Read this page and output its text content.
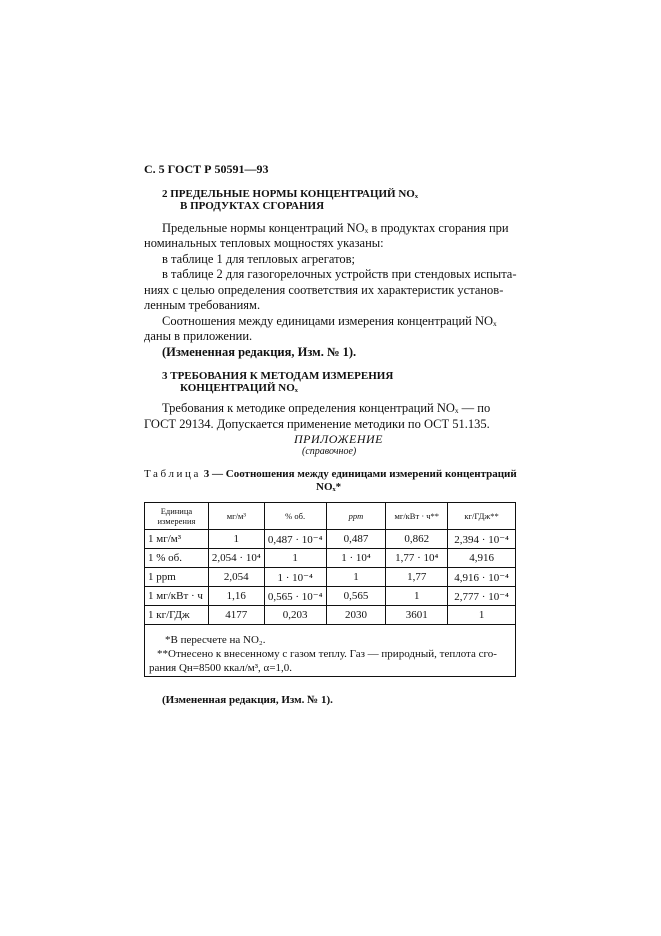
С. 5 ГОСТ Р 50591—93
2 ПРЕДЕЛЬНЫЕ НОРМЫ КОНЦЕНТРАЦИЙ NOₓ
В ПРОДУКТАХ СГОРАНИЯ
Предельные нормы концентраций NOₓ в продуктах сгорания при
номинальных тепловых мощностях указаны:
в таблице 1 для тепловых агрегатов;
в таблице 2 для газогорелочных устройств при стендовых испыта-
ниях с целью определения соответствия их характеристик установ-
ленным требованиям.
Соотношения между единицами измерения концентраций NOₓ
даны в приложении.
(Измененная редакция, Изм. № 1).
3 ТРЕБОВАНИЯ К МЕТОДАМ ИЗМЕРЕНИЯ
КОНЦЕНТРАЦИЙ NOₓ
Требования к методике определения концентраций NOₓ — по
ГОСТ 29134. Допускается применение методики по ОСТ 51.135.
ПРИЛОЖЕНИЕ
(справочное)
Таблица 3 — Соотношения между единицами измерений концентраций
NOₓ*
Единица измерения	мг/м³	% об.	ppm	мг/кВт · ч**	кг/ГДж**
1 мг/м³	1	0,487 · 10⁻⁴	0,487	0,862	2,394 · 10⁻⁴
1 % об.	2,054 · 10⁴	1	1 · 10⁴	1,77 · 10⁴	4,916
1 ppm	2,054	1 · 10⁻⁴	1	1,77	4,916 · 10⁻⁴
1 мг/кВт · ч	1,16	0,565 · 10⁻⁴	0,565	1	2,777 · 10⁻⁴
1 кг/ГДж	4177	0,203	2030	3601	1
*В пересчете на NO₂.
**Отнесено к внесенному с газом теплу. Газ — природный, теплота сго-
рания Qн=8500 ккал/м³, α=1,0.
(Измененная редакция, Изм. № 1).
